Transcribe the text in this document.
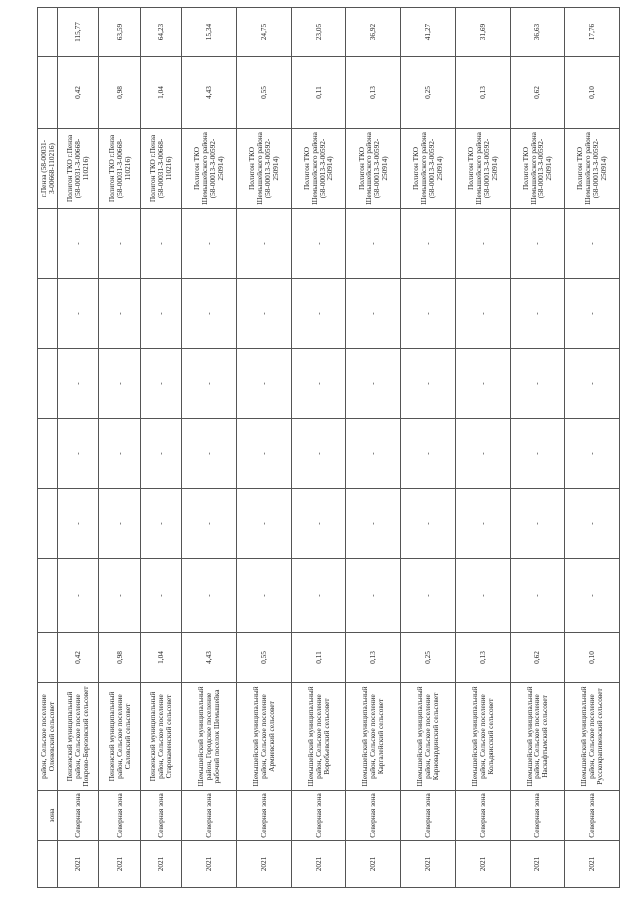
	зона	район, Сельское поселение Оленевский сельсовет								г.Пенза (58-00031-З-00668-110216)		
2021	Северная зона	Пензенский муниципальный район, Сельское поселение Покрово-Березовский сельсовет	0,42	-	-	-	-	-	-	Полигон ТКО г.Пенза (58-00031-З-00668-110216)	0,42	115,77
2021	Северная зона	Пензенский муниципальный район, Сельское поселение Саловский сельсовет	0,98	-	-	-	-	-	-	Полигон ТКО г.Пенза (58-00031-З-00668-110216)	0,98	63,59
2021	Северная зона	Пензенский муниципальный район, Сельское поселение Старокаменский сельсовет	1,04	-	-	-	-	-	-	Полигон ТКО г.Пенза (58-00031-З-00668-110216)	1,04	64,23
2021	Северная зона	Шемышейский муниципальный район, Городское поселение рабочий поселок Шемышейка	4,43	-	-	-	-	-	-	Полигон ТКО Шемышейского района (58-00013-З-00592-250914)	4,43	15,34
2021	Северная зона	Шемышейский муниципальный район, Сельское поселение Армиевский сельсовет	0,55	-	-	-	-	-	-	Полигон ТКО Шемышейского района (58-00013-З-00592-250914)	0,55	24,75
2021	Северная зона	Шемышейский муниципальный район, Сельское поселение Воробьевский сельсовет	0,11	-	-	-	-	-	-	Полигон ТКО Шемышейского района (58-00013-З-00592-250914)	0,11	23,05
2021	Северная зона	Шемышейский муниципальный район, Сельское поселение Каргалейский сельсовет	0,13	-	-	-	-	-	-	Полигон ТКО Шемышейского района (58-00013-З-00592-250914)	0,13	36,92
2021	Северная зона	Шемышейский муниципальный район, Сельское поселение Карновардинский сельсовет	0,25	-	-	-	-	-	-	Полигон ТКО Шемышейского района (58-00013-З-00592-250914)	0,25	41,27
2021	Северная зона	Шемышейский муниципальный район, Сельское поселение Кольдяисский сельсовет	0,13	-	-	-	-	-	-	Полигон ТКО Шемышейского района (58-00013-З-00592-250914)	0,13	31,69
2021	Северная зона	Шемышейский муниципальный район, Сельское поселение Наскафтымский сельсовет	0,62	-	-	-	-	-	-	Полигон ТКО Шемышейского района (58-00013-З-00592-250914)	0,62	36,63
2021	Северная зона	Шемышейский муниципальный район, Сельское поселение Русскокрапивенский сельсовет	0,10	-	-	-	-	-	-	Полигон ТКО Шемышейского района (58-00013-З-00592-250914)	0,10	17,76
